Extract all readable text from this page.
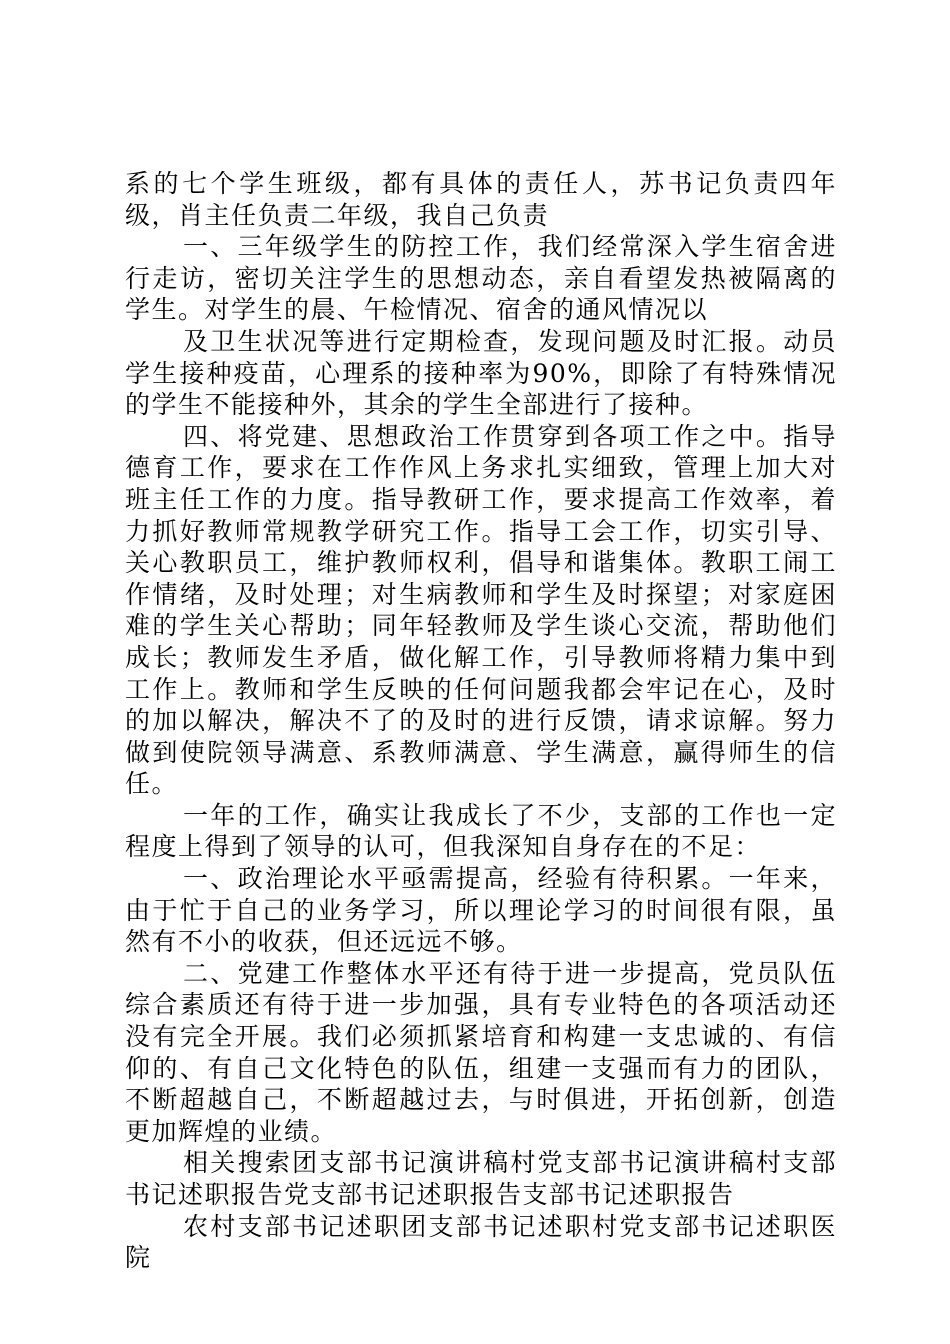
系的七个学生班级，都有具体的责任人，苏书记负责四年级，肖主任负责二年级，我自己负责

一、三年级学生的防控工作，我们经常深入学生宿舍进行走访，密切关注学生的思想动态，亲自看望发热被隔离的学生。对学生的晨、午检情况、宿舍的通风情况以

及卫生状况等进行定期检查，发现问题及时汇报。动员学生接种疫苗，心理系的接种率为90%，即除了有特殊情况的学生不能接种外，其余的学生全部进行了接种。

四、将党建、思想政治工作贯穿到各项工作之中。指导德育工作，要求在工作作风上务求扎实细致，管理上加大对班主任工作的力度。指导教研工作，要求提高工作效率，着力抓好教师常规教学研究工作。指导工会工作，切实引导、关心教职员工，维护教师权利，倡导和谐集体。教职工闹工作情绪，及时处理；对生病教师和学生及时探望；对家庭困难的学生关心帮助；同年轻教师及学生谈心交流，帮助他们成长；教师发生矛盾，做化解工作，引导教师将精力集中到工作上。教师和学生反映的任何问题我都会牢记在心，及时的加以解决，解决不了的及时的进行反馈，请求谅解。努力做到使院领导满意、系教师满意、学生满意，赢得师生的信任。

一年的工作，确实让我成长了不少，支部的工作也一定程度上得到了领导的认可，但我深知自身存在的不足：

一、政治理论水平亟需提高，经验有待积累。一年来，由于忙于自己的业务学习，所以理论学习的时间很有限，虽然有不小的收获，但还远远不够。

二、党建工作整体水平还有待于进一步提高，党员队伍综合素质还有待于进一步加强，具有专业特色的各项活动还没有完全开展。我们必须抓紧培育和构建一支忠诚的、有信仰的、有自己文化特色的队伍，组建一支强而有力的团队，不断超越自己，不断超越过去，与时俱进，开拓创新，创造更加辉煌的业绩。

相关搜索团支部书记演讲稿村党支部书记演讲稿村支部书记述职报告党支部书记述职报告支部书记述职报告

农村支部书记述职团支部书记述职村党支部书记述职医院
